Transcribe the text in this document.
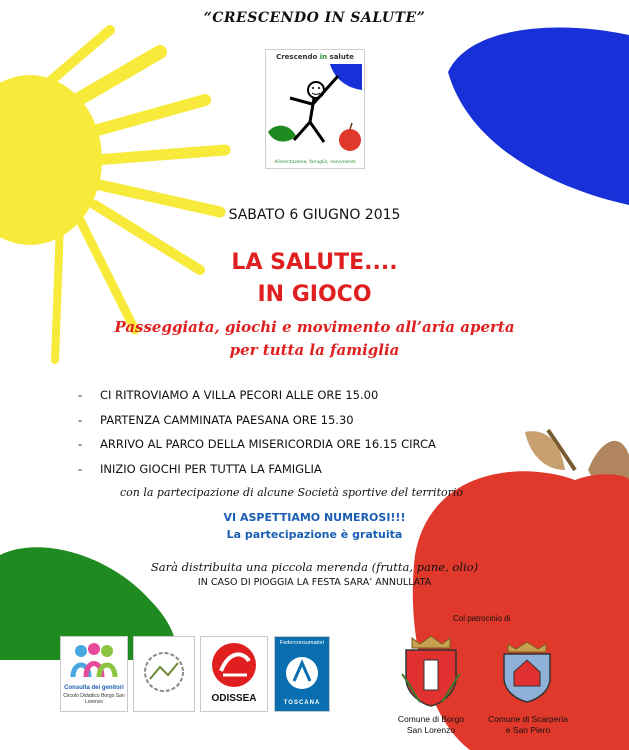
“CRESCENDO IN SALUTE”
Crescendo in salute
Alimentazione, famiglia, movimento
SABATO 6 GIUGNO 2015
LA SALUTE....
IN GIOCO
Passeggiata, giochi e movimento all’aria aperta
per tutta la famiglia
- CI RITROVIAMO A VILLA PECORI ALLE ORE 15.00
- PARTENZA CAMMINATA PAESANA ORE 15.30
- ARRIVO AL PARCO DELLA MISERICORDIA ORE 16.15 CIRCA
- INIZIO GIOCHI PER TUTTA LA FAMIGLIA
con la partecipazione di alcune Società sportive del territorio
VI ASPETTIAMO NUMEROSI!!!
La partecipazione è gratuita
Sarà distribuita una piccola merenda (frutta, pane, olio)
IN CASO DI PIOGGIA LA FESTA SARA’ ANNULLATA
Col patrocinio di
Consulta dei genitori
Circolo Didattico Borgo San Lorenzo	ODISSEA
Federconsumatori
TOSCANA
Comune di Borgo
San Lorenzo
Comune di Scarperia
e San Piero
